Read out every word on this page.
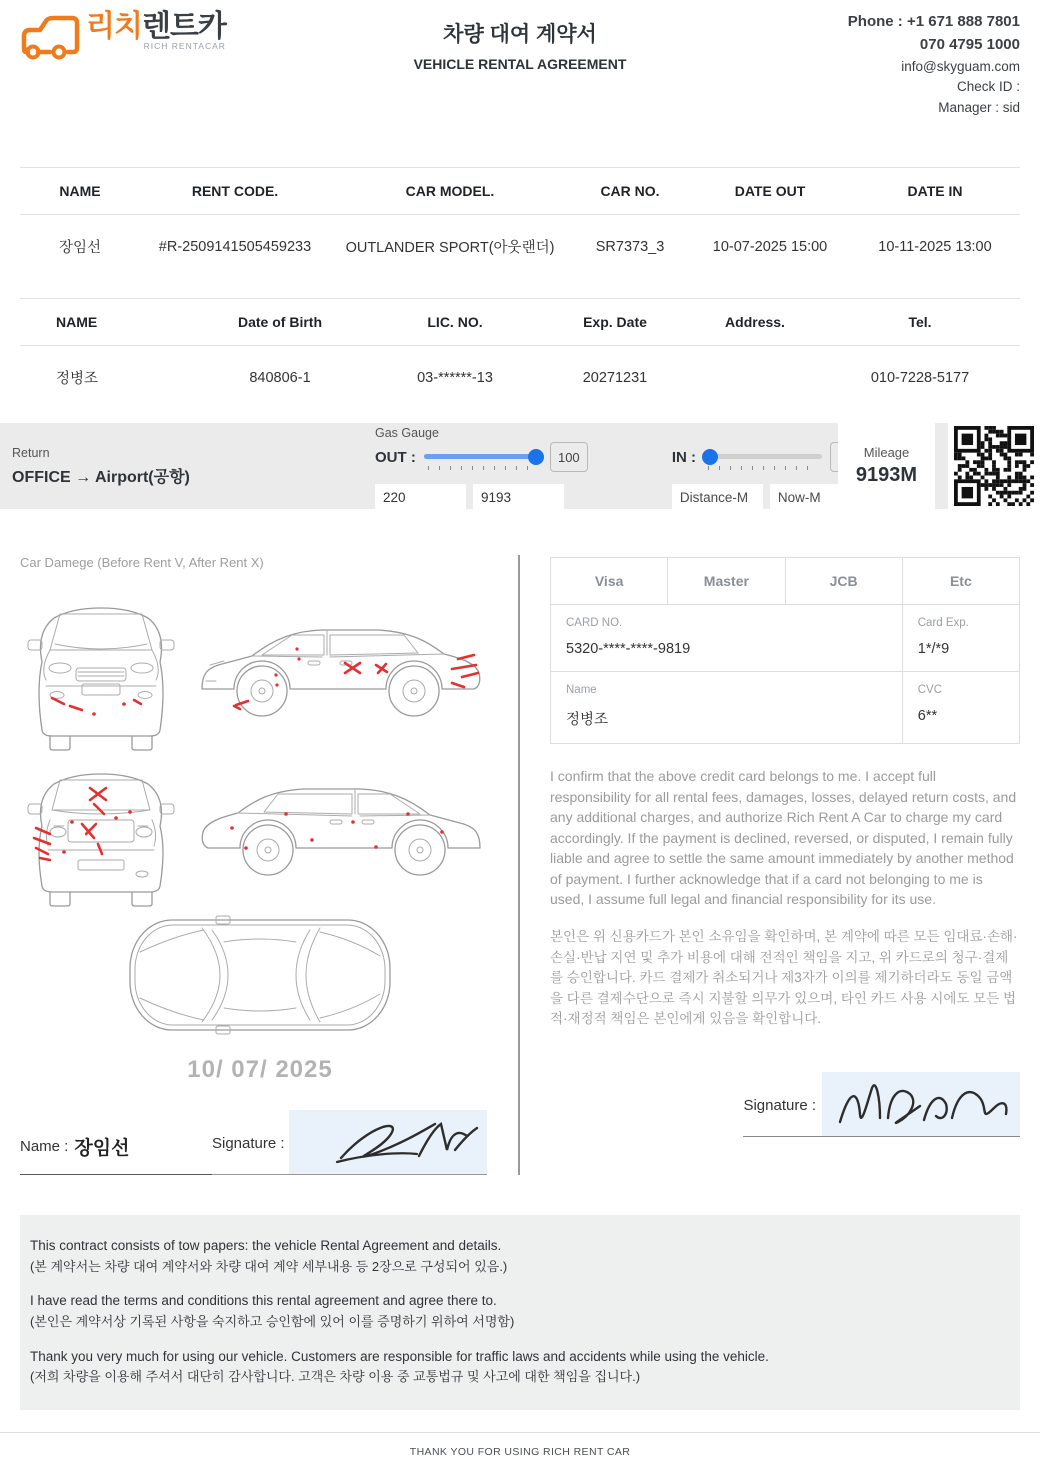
리치렌트카
RICH RENTACAR	차량 대여 계약서
VEHICLE RENTAL AGREEMENT
Phone : +1 671 888 7801
070 4795 1000
info@skyguam.com
Check ID :
Manager : sid
NAME	RENT CODE.	CAR MODEL.	CAR NO.	DATE OUT	DATE IN
장임선	#R-2509141505459233	OUTLANDER SPORT(아웃랜더)	SR7373_3	10-07-2025 15:00	10-11-2025 13:00
NAME	Date of Birth	LIC. NO.	Exp. Date	Address.	Tel.
정병조	840806-1	03-******-13	20271231		010-7228-5177
Return
OFFICE → Airport(공항)
Gas Gauge
OUT :
100
220
9193	IN :
0
Distance-M
Now-M	Mileage
9193M
Car Damege (Before Rent V, After Rent X)
10/ 07/ 2025
Name : 장임선	Signature :
Visa	Master	JCB	Etc

CARD NO.
5320-****-****-9819

Card Exp.
1*/*9

Name
정병조

CVC
6**

I confirm that the above credit card belongs to me. I accept full responsibility for all rental fees, damages, losses, delayed return costs, and any additional charges, and authorize Rich Rent A Car to charge my card accordingly. If the payment is declined, reversed, or disputed, I remain fully liable and agree to settle the same amount immediately by another method of payment. I further acknowledge that if a card not belonging to me is used, I assume full legal and financial responsibility for its use.

본인은 위 신용카드가 본인 소유임을 확인하며, 본 계약에 따른 모든 임대료·손해·손실·반납 지연 및 추가 비용에 대해 전적인 책임을 지고, 위 카드로의 청구·결제를 승인합니다. 카드 결제가 취소되거나 제3자가 이의를 제기하더라도 동일 금액을 다른 결제수단으로 즉시 지불할 의무가 있으며, 타인 카드 사용 시에도 모든 법적·재정적 책임은 본인에게 있음을 확인합니다.

Signature :
This contract consists of tow papers: the vehicle Rental Agreement and details.
(본 계약서는 차량 대여 계약서와 차량 대여 계약 세부내용 등 2장으로 구성되어 있음.)
I have read the terms and conditions this rental agreement and agree there to.
(본인은 계약서상 기록된 사항을 숙지하고 승인함에 있어 이를 증명하기 위하여 서명함)
Thank you very much for using our vehicle. Customers are responsible for traffic laws and accidents while using the vehicle.
(저희 차량을 이용해 주셔서 대단히 감사합니다. 고객은 차량 이용 중 교통법규 및 사고에 대한 책임을 집니다.)
THANK YOU FOR USING RICH RENT CAR
